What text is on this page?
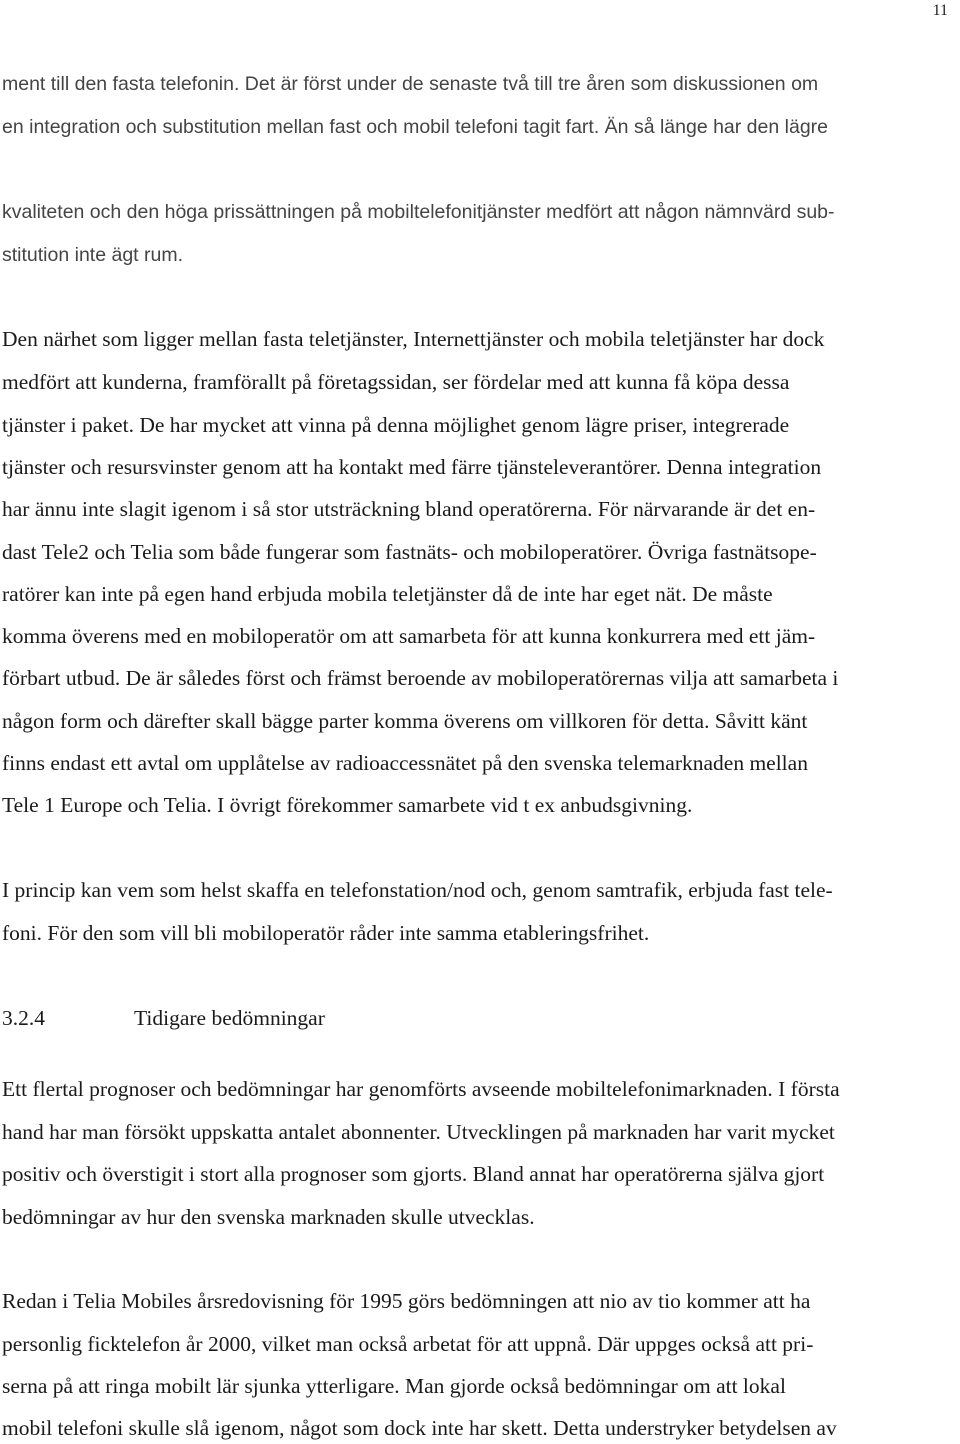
11
ment till den fasta telefonin. Det är först under de senaste två till tre åren som diskussionen om
en integration och substitution mellan fast och mobil telefoni tagit fart. Än så länge har den lägre
kvaliteten och den höga prissättningen på mobiltelefonitjänster medfört att någon nämnvärd sub-
stitution inte ägt rum.
Den närhet som ligger mellan fasta teletjänster, Internettjänster och mobila teletjänster har dock
medfört att kunderna, framförallt på företagssidan, ser fördelar med att kunna få köpa dessa
tjänster i paket. De har mycket att vinna på denna möjlighet genom lägre priser, integrerade
tjänster och resursvinster genom att ha kontakt med färre tjänsteleverantörer. Denna integration
har ännu inte slagit igenom i så stor utsträckning bland operatörerna. För närvarande är det en-
dast Tele2 och Telia som både fungerar som fastnäts- och mobiloperatörer. Övriga fastnätsope-
ratörer kan inte på egen hand erbjuda mobila teletjänster då de inte har eget nät. De måste
komma överens med en mobiloperatör om att samarbeta för att kunna konkurrera med ett jäm-
förbart utbud. De är således först och främst beroende av mobiloperatörernas vilja att samarbeta i
någon form och därefter skall bägge parter komma överens om villkoren för detta. Såvitt känt
finns endast ett avtal om upplåtelse av radioaccessnätet på den svenska telemarknaden mellan
Tele 1 Europe och Telia. I övrigt förekommer samarbete vid t ex anbudsgivning.
I princip kan vem som helst skaffa en telefonstation/nod och, genom samtrafik, erbjuda fast tele-
foni. För den som vill bli mobiloperatör råder inte samma etableringsfrihet.
3.2.4	Tidigare bedömningar
Ett flertal prognoser och bedömningar har genomförts avseende mobiltelefonimarknaden. I första
hand har man försökt uppskatta antalet abonnenter. Utvecklingen på marknaden har varit mycket
positiv och överstigit i stort alla prognoser som gjorts. Bland annat har operatörerna själva gjort
bedömningar av hur den svenska marknaden skulle utvecklas.
Redan i Telia Mobiles årsredovisning för 1995 görs bedömningen att nio av tio kommer att ha
personlig ficktelefon år 2000, vilket man också arbetat för att uppnå. Där uppges också att pri-
serna på att ringa mobilt lär sjunka ytterligare. Man gjorde också bedömningar om att lokal
mobil telefoni skulle slå igenom, något som dock inte har skett. Detta understryker betydelsen av
